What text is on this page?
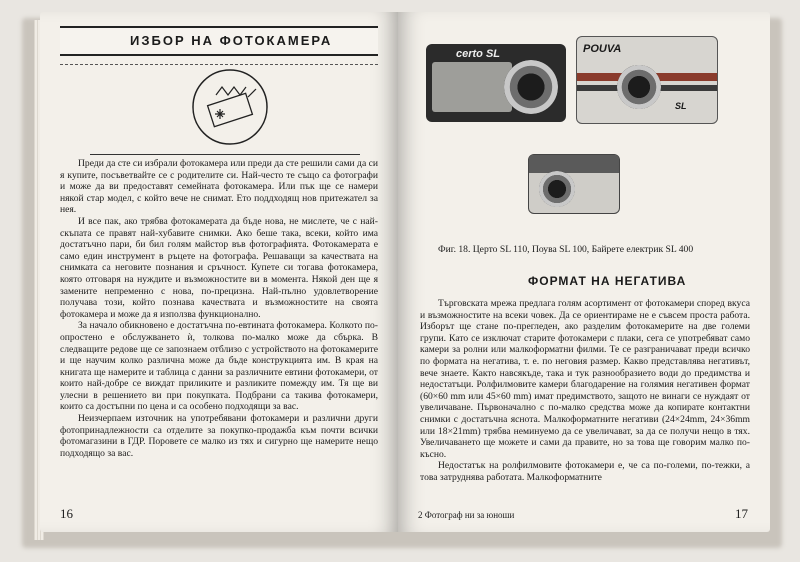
ИЗБОР НА ФОТОКАМЕРА

Преди да сте си избрали фотокамера или преди да сте решили сами да си я купите, посъветвайте се с родителите си. Най-често те също са фотографи и може да ви предоставят семейната фотокамера. Или пък ще се намери някой стар модел, с който вече не снимат. Ето поддходящ нов притежател за нея.

И все пак, ако трябва фотокамерата да бъде нова, не мислете, че с най-скъпата се правят най-хубавите снимки. Ако беше така, всеки, който има достатъчно пари, би бил голям майстор във фотографията. Фотокамерата е само един инструмент в ръцете на фотографа. Решаващи за качествата на снимката са неговите познания и сръчност. Купете си тогава фотокамера, която отговаря на нуждите и възможностите ви в момента. Някой ден ще я замените непременно с нова, по-прецизна. Най-пълно удовлетворение получава този, който познава качествата и възможностите на своята фотокамера и може да я използва функционално.

За начало обикновено е достатъчна по-евтината фотокамера. Колкото по-опростено е обслужването ѝ, толкова по-малко може да сбърка. В следващите редове ще се запознаем отблизо с устройството на фотокамерите и ще научим колко различна може да бъде конструкцията им. В края на книгата ще намерите и таблица с данни за различните евтини фотокамери, от които най-добре се виждат приликите и разликите помежду им. Тя ще ви улесни в решението ви при покупката. Подбрани са такива фотокамери, които са достъпни по цена и са особено подходящи за вас.

Неизчерпаем източник на употребявани фотокамери и различни други фотопринадлежности са отделите за покупко-продажба към почти всички фотомагазини в ГДР. Поровете се малко из тях и сигурно ще намерите нещо подходящо за вас.

16
certo SL	POUVA
SL
Фиг. 18. Церто SL 110, Поува SL 100, Байрете електрик SL 400
ФОРМАТ НА НЕГАТИВА

Търговската мрежа предлага голям асортимент от фотокамери според вкуса и възможностите на всеки човек. Да се ориентираме не е съвсем проста работа. Изборът ще стане по-прегледен, ако разделим фотокамерите на две големи групи. Като се изключат старите фотокамери с плаки, сега се употребяват само камери за ролни или малкоформатни филми. Те се разграничават преди всичко по формата на негатива, т. е. по неговия размер. Какво представлява негативът, вече знаете. Както навсякъде, така и тук разнообразието води до предимства и недостатъци. Ролфилмовите камери благодарение на голямия негативен формат (60×60 mm или 45×60 mm) имат предимството, защото не винаги се нуждаят от увеличаване. Първоначално с по-малко средства може да копирате контактни снимки с достатъчна яснота. Малкоформатните негативи (24×24mm, 24×36mm или 18×21mm) трябва неминуемо да се увеличават, за да се получи нещо в тях. Увеличаването ще можете и сами да правите, но за това ще говорим малко по-късно.

Недостатък на ролфилмовите фотокамери е, че са по-големи, по-тежки, а това затруднява работата. Малкоформатните

2 Фотограф ни за юноши	17
